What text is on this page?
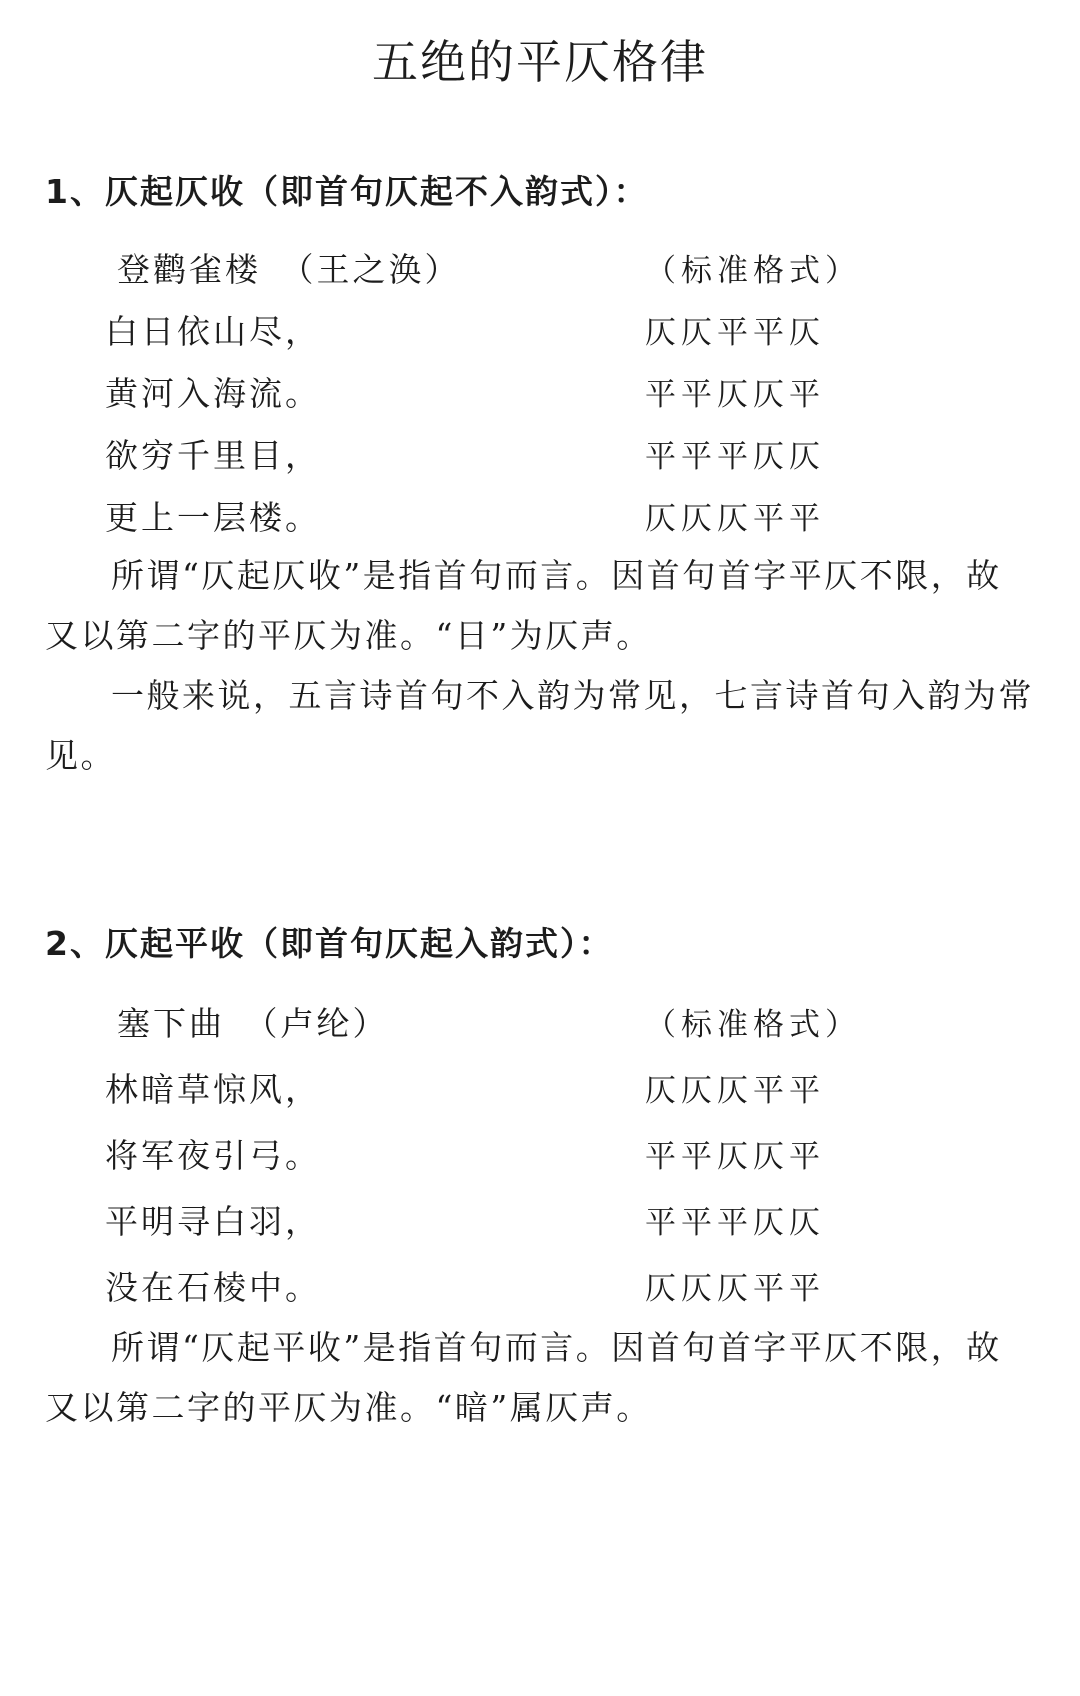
五绝的平仄格律
1、仄起仄收（即首句仄起不入韵式）：
登鹳雀楼　（王之涣）	（标准格式）
白日依山尽，	仄仄平平仄
黄河入海流。	平平仄仄平
欲穷千里目，	平平平仄仄
更上一层楼。	仄仄仄平平
所谓“仄起仄收”是指首句而言。因首句首字平仄不限，故
又以第二字的平仄为准。“日”为仄声。
一般来说，五言诗首句不入韵为常见，七言诗首句入韵为常
见。
2、仄起平收（即首句仄起入韵式）：
塞下曲　（卢纶）	（标准格式）
林暗草惊风，	仄仄仄平平
将军夜引弓。	平平仄仄平
平明寻白羽，	平平平仄仄
没在石棱中。	仄仄仄平平
所谓“仄起平收”是指首句而言。因首句首字平仄不限，故
又以第二字的平仄为准。“暗”属仄声。
